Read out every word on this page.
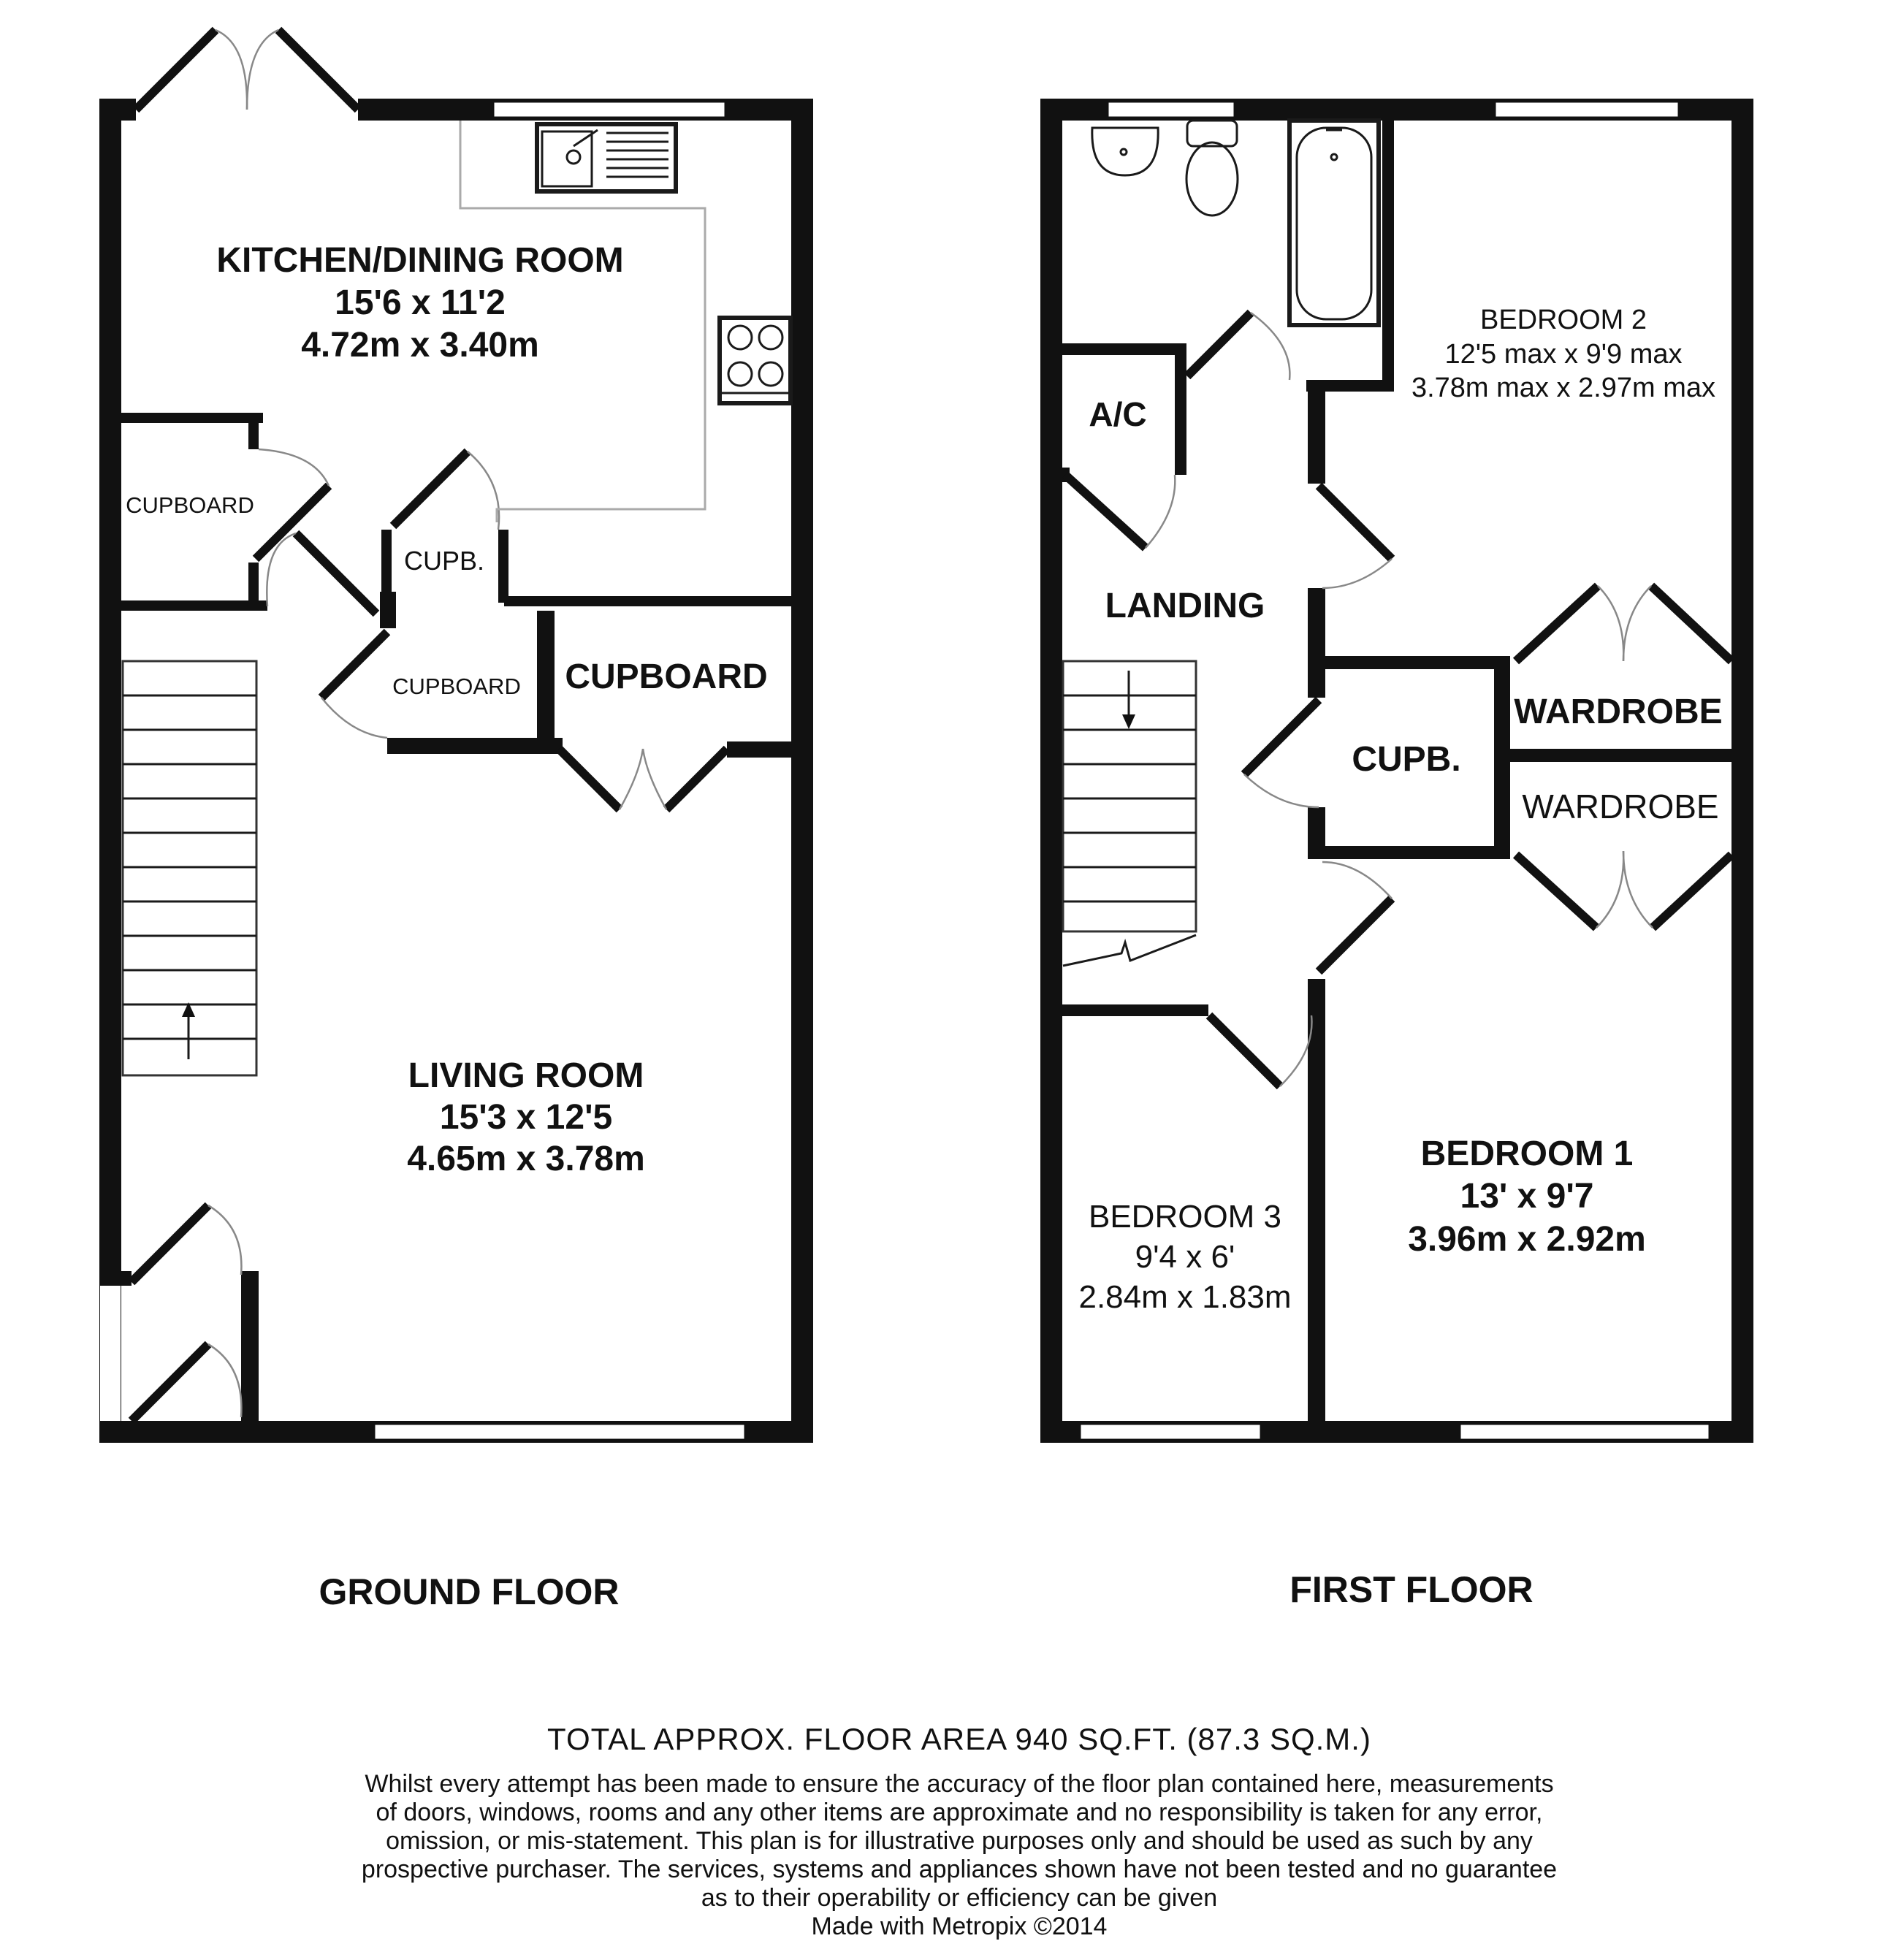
KITCHEN/DINING ROOM
15'6 x 11'2
4.72m x 3.40m
CUPBOARD
CUPB.
CUPBOARD CUPBOARD
LIVING ROOM
15'3 x 12'5
4.65m x 3.78m
A/C
LANDING
CUPB.
WARDROBE
WARDROBE
BEDROOM 2
12'5 max x 9'9 max
3.78m max x 2.97m max
BEDROOM 1
13' x 9'7
3.96m x 2.92m
BEDROOM 3
9'4 x 6'
2.84m x 1.83m
GROUND FLOOR	FIRST FLOOR
TOTAL APPROX. FLOOR AREA 940 SQ.FT. (87.3 SQ.M.)
Whilst every attempt has been made to ensure the accuracy of the floor plan contained here, measurements
of doors, windows, rooms and any other items are approximate and no responsibility is taken for any error,
omission, or mis-statement. This plan is for illustrative purposes only and should be used as such by any
prospective purchaser. The services, systems and appliances shown have not been tested and no guarantee
as to their operability or efficiency can be given
Made with Metropix ©2014
